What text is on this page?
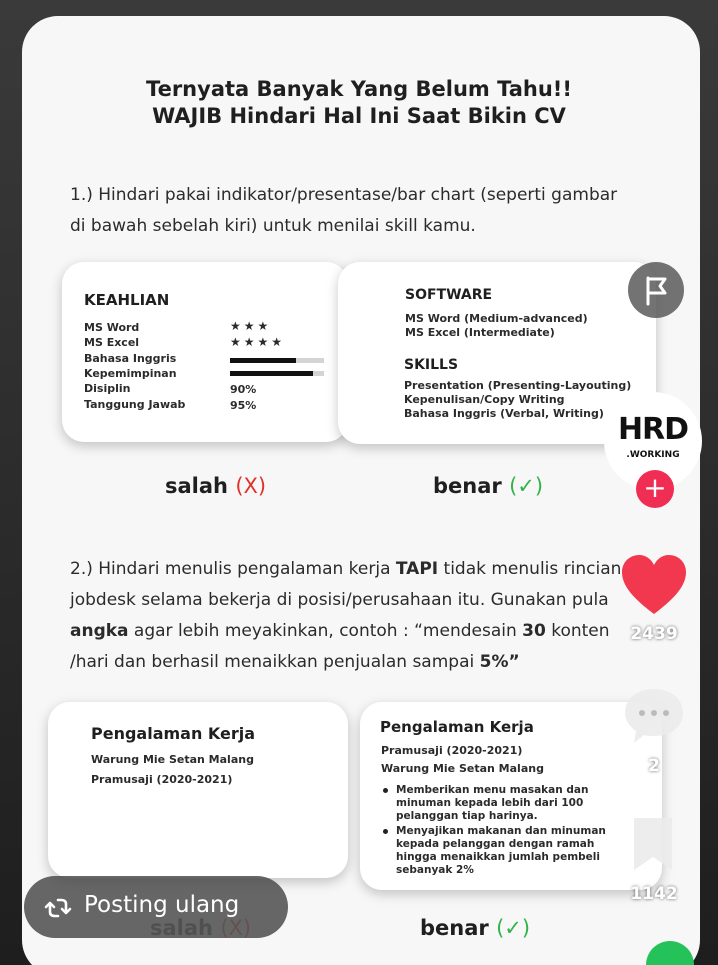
Ternyata Banyak Yang Belum Tahu!!
WAJIB Hindari Hal Ini Saat Bikin CV
1.) Hindari pakai indikator/presentase/bar chart (seperti gambar
di bawah sebelah kiri) untuk menilai skill kamu.
KEAHLIAN
MS Word	★★★
MS Excel	★★★★
Bahasa Inggris
Kepemimpinan
Disiplin	90%
Tanggung Jawab	95%
SOFTWARE
MS Word (Medium-advanced)
MS Excel (Intermediate)
SKILLS
Presentation (Presenting-Layouting)
Kepenulisan/Copy Writing
Bahasa Inggris (Verbal, Writing)
salah (X)	benar (✓)
2.) Hindari menulis pengalaman kerja TAPI tidak menulis rincian
jobdesk selama bekerja di posisi/perusahaan itu. Gunakan pula
angka agar lebih meyakinkan, contoh : “mendesain 30 konten
/hari dan berhasil menaikkan penjualan sampai 5%”
Pengalaman Kerja
Warung Mie Setan Malang
Pramusaji (2020-2021)
Pengalaman Kerja
Pramusaji (2020-2021)
Warung Mie Setan Malang
Memberikan menu masakan dan minuman kepada lebih dari 100 pelanggan tiap harinya.
Menyajikan makanan dan minuman kepada pelanggan dengan ramah hingga menaikkan jumlah pembeli sebanyak 2%
benar (✓)
HRD
.WORKING
+
2439
2
1142
Posting ulang
